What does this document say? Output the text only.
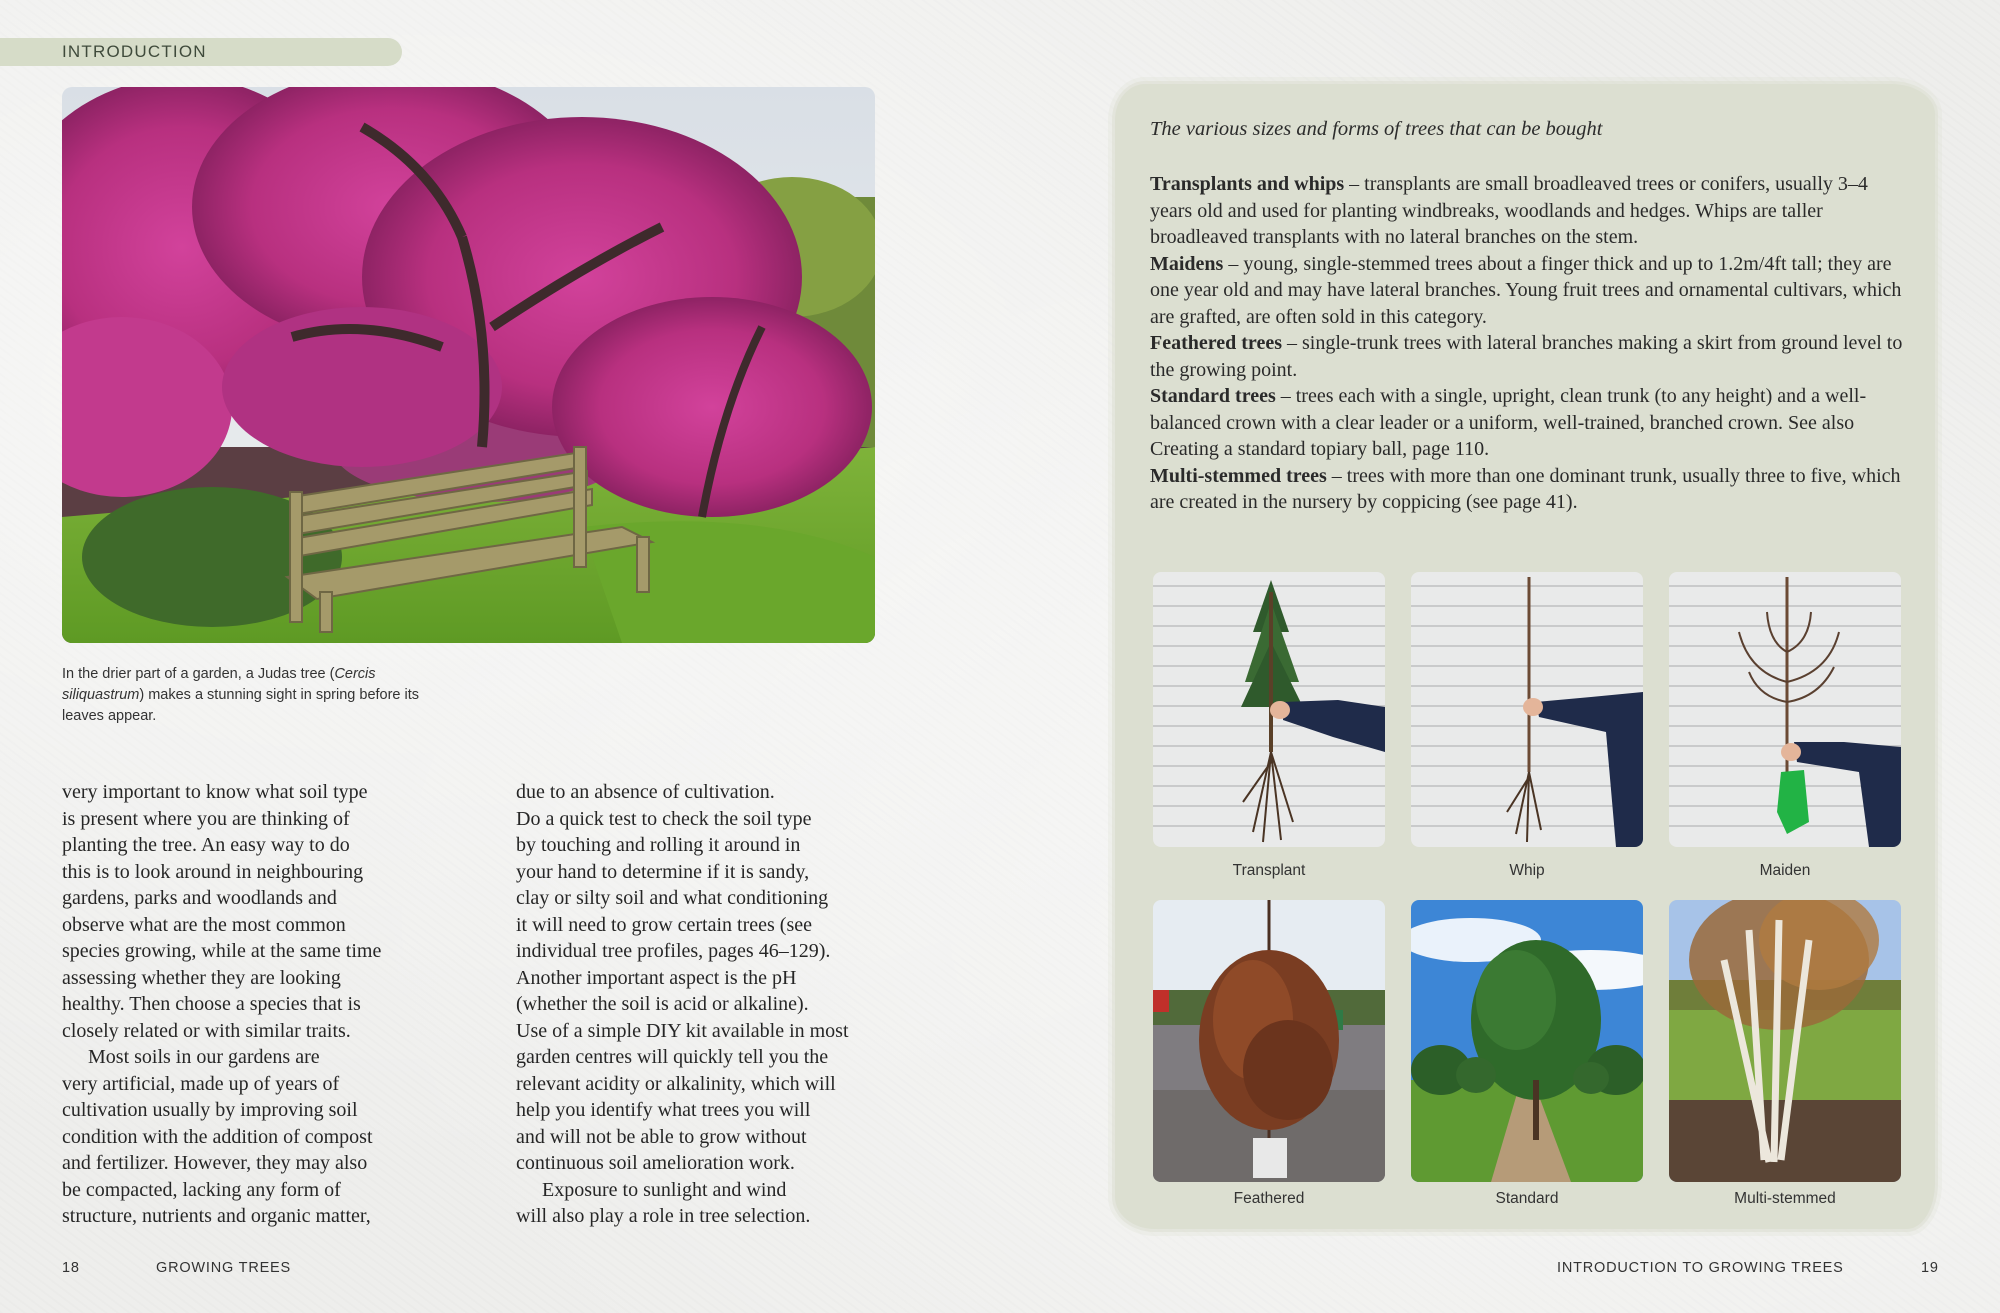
INTRODUCTION
In the drier part of a garden, a Judas tree (Cercis siliquastrum) makes a stunning sight in spring before its leaves appear.

very important to know what soil type
is present where you are thinking of
planting the tree. An easy way to do
this is to look around in neighbouring
gardens, parks and woodlands and
observe what are the most common
species growing, while at the same time
assessing whether they are looking
healthy. Then choose a species that is
closely related or with similar traits.

Most soils in our gardens are
very artificial, made up of years of
cultivation usually by improving soil
condition with the addition of compost
and fertilizer. However, they may also
be compacted, lacking any form of
structure, nutrients and organic matter,

due to an absence of cultivation.
Do a quick test to check the soil type
by touching and rolling it around in
your hand to determine if it is sandy,
clay or silty soil and what conditioning
it will need to grow certain trees (see
individual tree profiles, pages 46–129).
Another important aspect is the pH
(whether the soil is acid or alkaline).
Use of a simple DIY kit available in most
garden centres will quickly tell you the
relevant acidity or alkalinity, which will
help you identify what trees you will
and will not be able to grow without
continuous soil amelioration work.

Exposure to sunlight and wind
will also play a role in tree selection.

18	GROWING TREES	INTRODUCTION TO GROWING TREES	19
The various sizes and forms of trees that can be bought

Transplants and whips – transplants are small broadleaved trees or conifers, usually 3–4 years old and used for planting windbreaks, woodlands and hedges. Whips are taller broadleaved transplants with no lateral branches on the stem.

Maidens – young, single-stemmed trees about a finger thick and up to 1.2m/4ft tall; they are one year old and may have lateral branches. Young fruit trees and ornamental cultivars, which are grafted, are often sold in this category.

Feathered trees – single-trunk trees with lateral branches making a skirt from ground level to the growing point.

Standard trees – trees each with a single, upright, clean trunk (to any height) and a well-balanced crown with a clear leader or a uniform, well-trained, branched crown. See also Creating a standard topiary ball, page 110.

Multi-stemmed trees – trees with more than one dominant trunk, usually three to five, which are created in the nursery by coppicing (see page 41).

Transplant	Whip	Maiden
Feathered	Standard	Multi-stemmed
